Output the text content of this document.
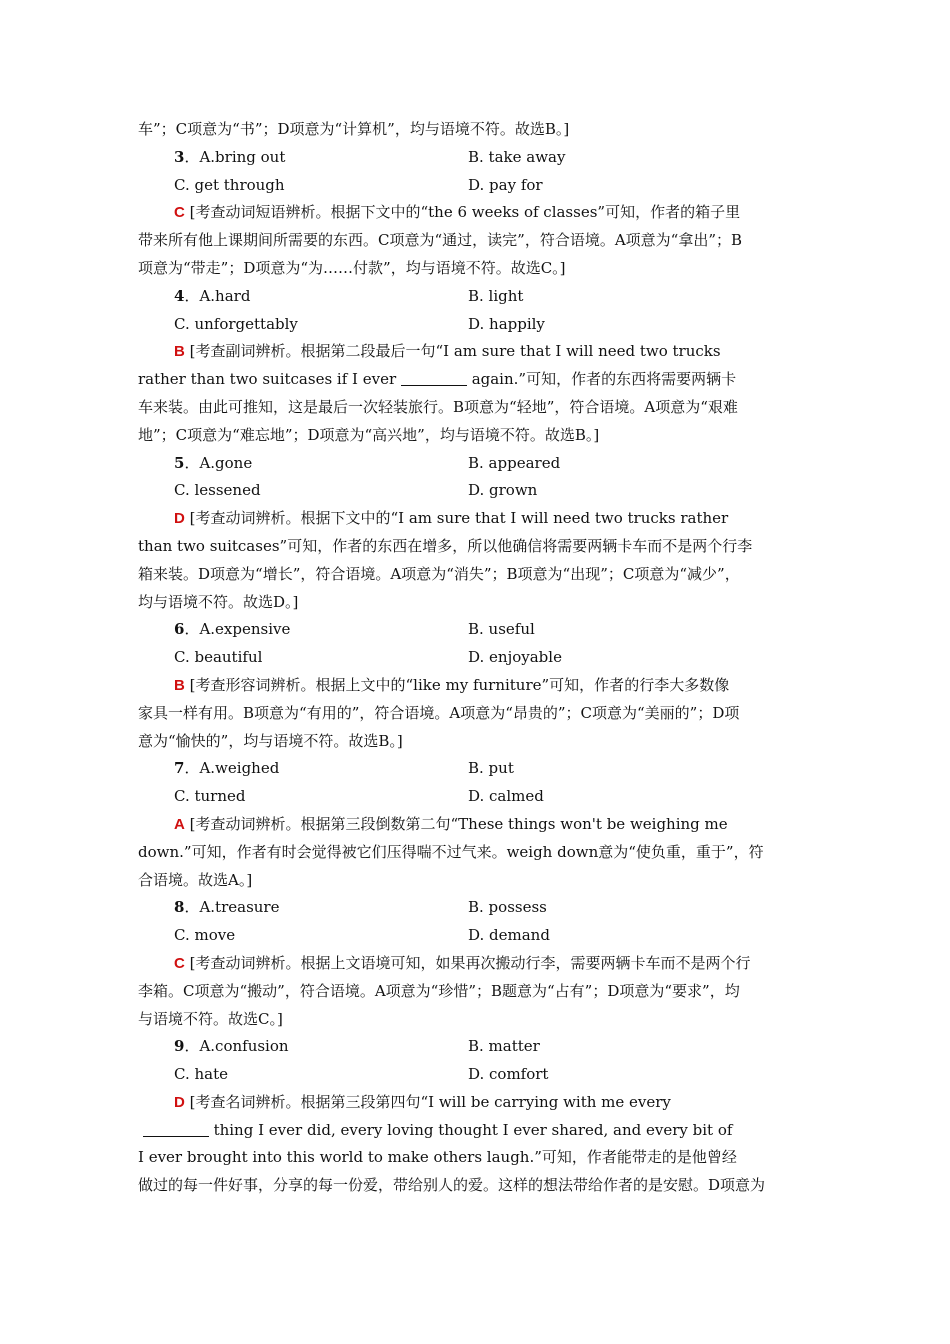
车”；C项意为“书”；D项意为“计算机”，均与语境不符。故选B。]
3．A.bring out	B. take away
C. get through	D. pay for
C [考查动词短语辨析。根据下文中的“the 6 weeks of classes”可知，作者的箱子里
带来所有他上课期间所需要的东西。C项意为“通过，读完”，符合语境。A项意为“拿出”；B
项意为“带走”；D项意为“为……付款”，均与语境不符。故选C。]
4．A.hard	B. light
C. unforgettably	D. happily
B [考查副词辨析。根据第二段最后一句“I am sure that I will need two trucks
rather than two suitcases if I ever	again.”可知，作者的东西将需要两辆卡
车来装。由此可推知，这是最后一次轻装旅行。B项意为“轻地”，符合语境。A项意为“艰难
地”；C项意为“难忘地”；D项意为“高兴地”，均与语境不符。故选B。]
5．A.gone	B. appeared
C. lessened	D. grown
D [考查动词辨析。根据下文中的“I am sure that I will need two trucks rather
than two suitcases”可知，作者的东西在增多，所以他确信将需要两辆卡车而不是两个行李
箱来装。D项意为“增长”，符合语境。A项意为“消失”；B项意为“出现”；C项意为“减少”，
均与语境不符。故选D。]
6．A.expensive	B. useful
C. beautiful	D. enjoyable
B [考查形容词辨析。根据上文中的“like my furniture”可知，作者的行李大多数像
家具一样有用。B项意为“有用的”，符合语境。A项意为“昂贵的”；C项意为“美丽的”；D项
意为“愉快的”，均与语境不符。故选B。]
7．A.weighed	B. put
C. turned	D. calmed
A [考查动词辨析。根据第三段倒数第二句“These things won't be weighing me
down.”可知，作者有时会觉得被它们压得喘不过气来。weigh down意为“使负重，重于”，符
合语境。故选A。]
8．A.treasure	B. possess
C. move	D. demand
C [考查动词辨析。根据上文语境可知，如果再次搬动行李，需要两辆卡车而不是两个行
李箱。C项意为“搬动”，符合语境。A项意为“珍惜”；B题意为“占有”；D项意为“要求”，均
与语境不符。故选C。]
9．A.confusion	B. matter
C. hate	D. comfort
D [考查名词辨析。根据第三段第四句“I will be carrying with me every
thing I ever did, every loving thought I ever shared, and every bit of
I ever brought into this world to make others laugh.”可知，作者能带走的是他曾经
做过的每一件好事，分享的每一份爱，带给别人的爱。这样的想法带给作者的是安慰。D项意为
